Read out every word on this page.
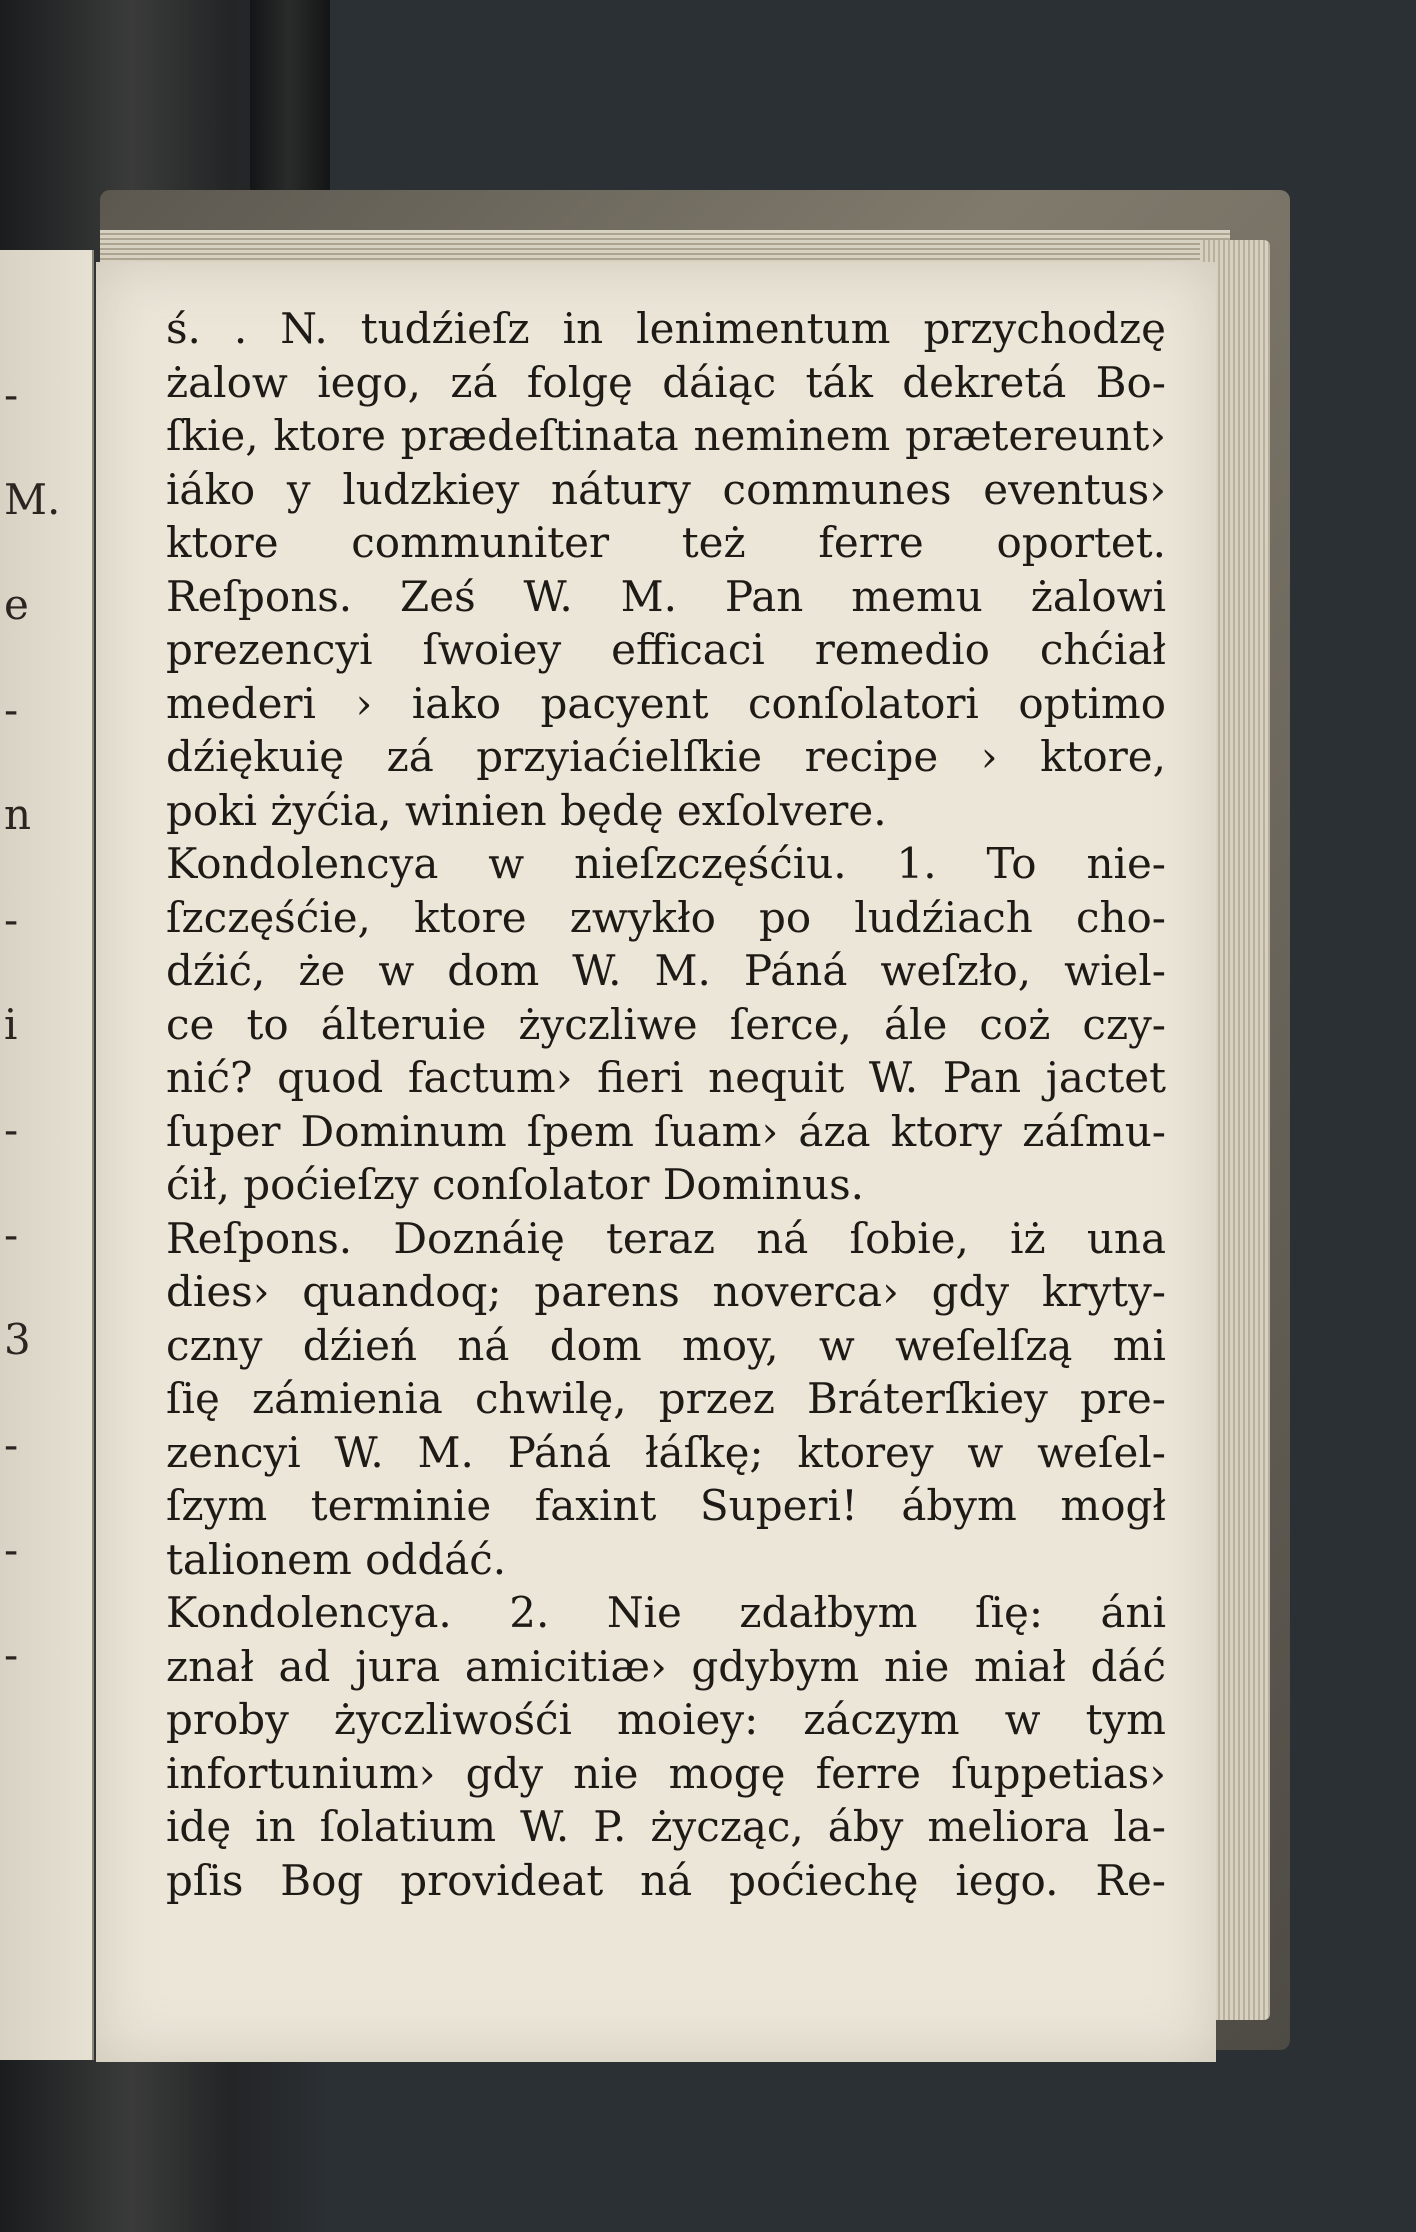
-
M.
e
-
n
-
i
-
-
3
-
-
-
ś. . N. tudźieſz in lenimentum przychodzę
żalow iego, zá folgę dáiąc ták dekretá Bo-
ſkie, ktore prædeſtinata neminem prætereunt›
iáko y ludzkiey nátury communes eventus›
ktore communiter też ferre oportet.
Reſpons. Ześ W. M. Pan memu żalowi
prezencyi ſwoiey efficaci remedio chćiał
mederi › iako pacyent conſolatori optimo
dźiękuię zá przyiaćielſkie recipe › ktore,
poki żyćia, winien będę exſolvere.
Kondolencya w nieſzczęśćiu. 1. To nie-
ſzczęśćie, ktore zwykło po ludźiach cho-
dźić, że w dom W. M. Páná weſzło, wiel-
ce to álteruie życzliwe ſerce, ále coż czy-
nić? quod factum› fieri nequit W. Pan jactet
ſuper Dominum ſpem ſuam› áza ktory záſmu-
ćił, poćieſzy conſolator Dominus.
Reſpons. Doznáię teraz ná ſobie, iż una
dies› quandoq; parens noverca› gdy kryty-
czny dźień ná dom moy, w weſelſzą mi
ſię zámienia chwilę, przez Bráterſkiey pre-
zencyi W. M. Páná łáſkę; ktorey w weſel-
ſzym terminie faxint Superi! ábym mogł
talionem oddáć.
Kondolencya. 2. Nie zdałbym ſię: áni
znał ad jura amicitiæ› gdybym nie miał dáć
proby życzliwośći moiey: záczym w tym
infortunium› gdy nie mogę ferre ſuppetias›
idę in ſolatium W. P. życząc, áby meliora la-
pſis Bog provideat ná poćiechę iego. Re-
